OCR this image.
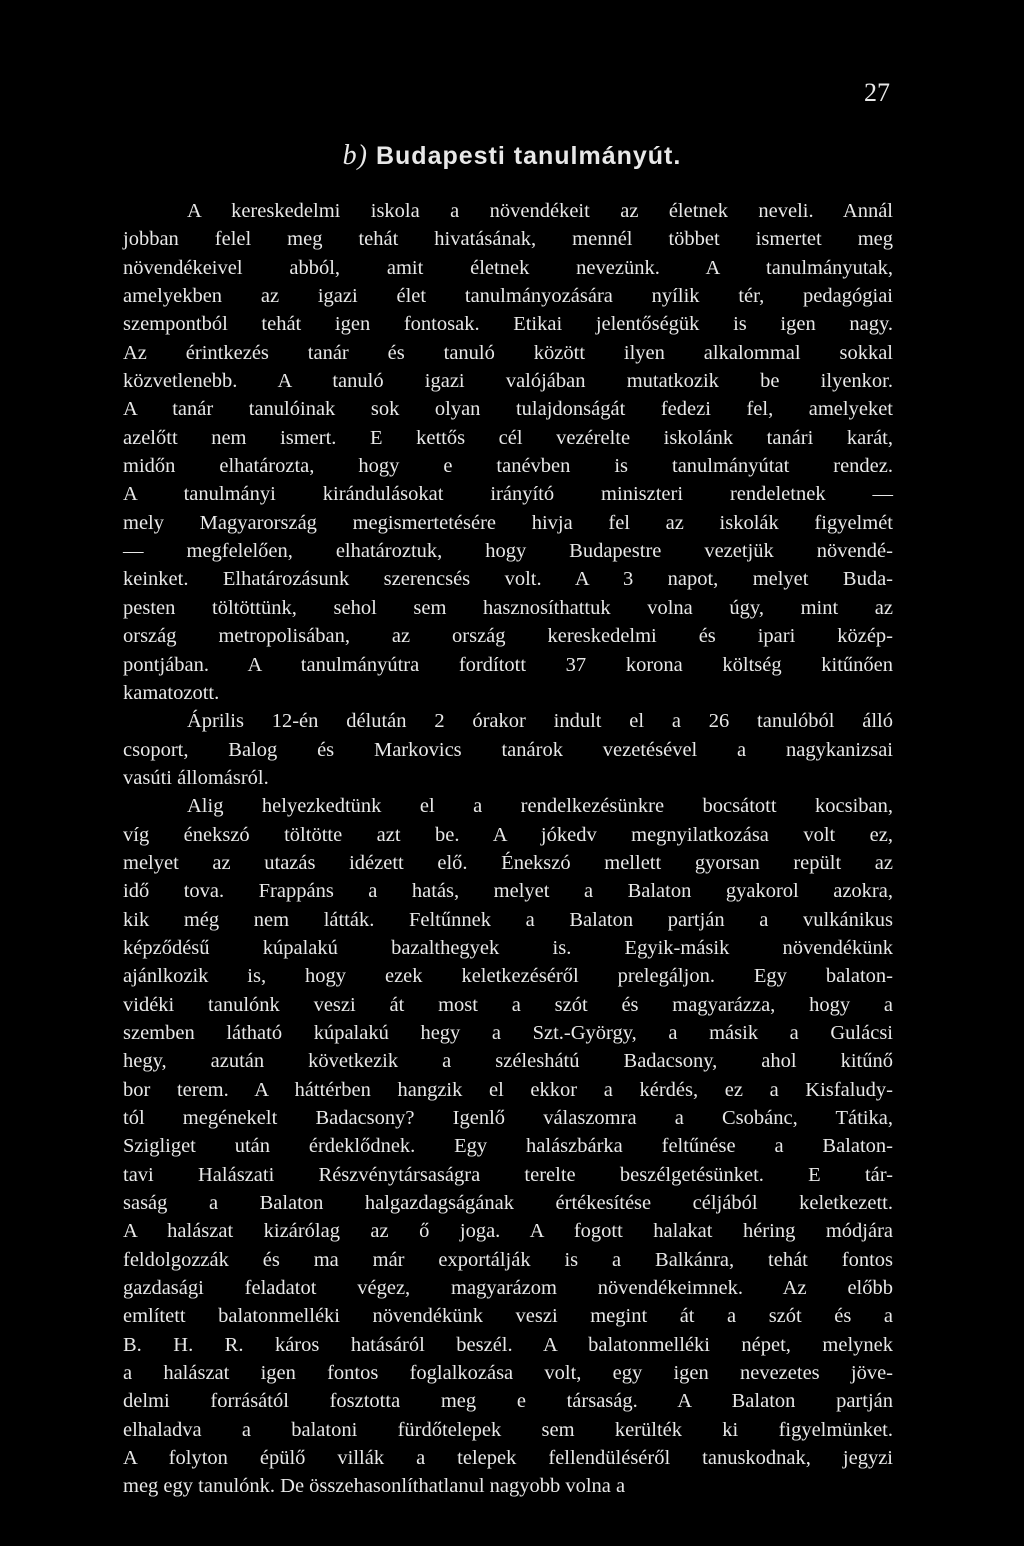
27
b) Budapesti tanulmányút.
A kereskedelmi iskola a növendékeit az életnek neveli. Annál
jobban felel meg tehát hivatásának, mennél többet ismertet meg
növendékeivel abból, amit életnek nevezünk. A tanulmányutak,
amelyekben az igazi élet tanulmányozására nyílik tér, pedagógiai
szempontból tehát igen fontosak. Etikai jelentőségük is igen nagy.
Az érintkezés tanár és tanuló között ilyen alkalommal sokkal
közvetlenebb. A tanuló igazi valójában mutatkozik be ilyenkor.
A tanár tanulóinak sok olyan tulajdonságát fedezi fel, amelyeket
azelőtt nem ismert. E kettős cél vezérelte iskolánk tanári karát,
midőn elhatározta, hogy e tanévben is tanulmányútat rendez.
A tanulmányi kirándulásokat irányító miniszteri rendeletnek —
mely Magyarország megismertetésére hivja fel az iskolák figyelmét
— megfelelően, elhatároztuk, hogy Budapestre vezetjük növendé-
keinket. Elhatározásunk szerencsés volt. A 3 napot, melyet Buda-
pesten töltöttünk, sehol sem hasznosíthattuk volna úgy, mint az
ország metropolisában, az ország kereskedelmi és ipari közép-
pontjában. A tanulmányútra fordított 37 korona költség kitűnően
kamatozott.
Április 12-én délután 2 órakor indult el a 26 tanulóból álló
csoport, Balog és Markovics tanárok vezetésével a nagykanizsai
vasúti állomásról.
Alig helyezkedtünk el a rendelkezésünkre bocsátott kocsiban,
víg énekszó töltötte azt be. A jókedv megnyilatkozása volt ez,
melyet az utazás idézett elő. Énekszó mellett gyorsan repült az
idő tova. Frappáns a hatás, melyet a Balaton gyakorol azokra,
kik még nem látták. Feltűnnek a Balaton partján a vulkánikus
képződésű kúpalakú bazalthegyek is. Egyik-másik növendékünk
ajánlkozik is, hogy ezek keletkezéséről prelegáljon. Egy balaton-
vidéki tanulónk veszi át most a szót és magyarázza, hogy a
szemben látható kúpalakú hegy a Szt.-György, a másik a Gulácsi
hegy, azután következik a széleshátú Badacsony, ahol kitűnő
bor terem. A háttérben hangzik el ekkor a kérdés, ez a Kisfaludy-
tól megénekelt Badacsony? Igenlő válaszomra a Csobánc, Tátika,
Szigliget után érdeklődnek. Egy halászbárka feltűnése a Balaton-
tavi Halászati Részvénytársaságra terelte beszélgetésünket. E tár-
saság a Balaton halgazdagságának értékesítése céljából keletkezett.
A halászat kizárólag az ő joga. A fogott halakat héring módjára
feldolgozzák és ma már exportálják is a Balkánra, tehát fontos
gazdasági feladatot végez, magyarázom növendékeimnek. Az előbb
említett balatonmelléki növendékünk veszi megint át a szót és a
B. H. R. káros hatásáról beszél. A balatonmelléki népet, melynek
a halászat igen fontos foglalkozása volt, egy igen nevezetes jöve-
delmi forrásától fosztotta meg e társaság. A Balaton partján
elhaladva a balatoni fürdőtelepek sem kerülték ki figyelmünket.
A folyton épülő villák a telepek fellendüléséről tanuskodnak, jegyzi
meg egy tanulónk. De összehasonlíthatlanul nagyobb volna a
